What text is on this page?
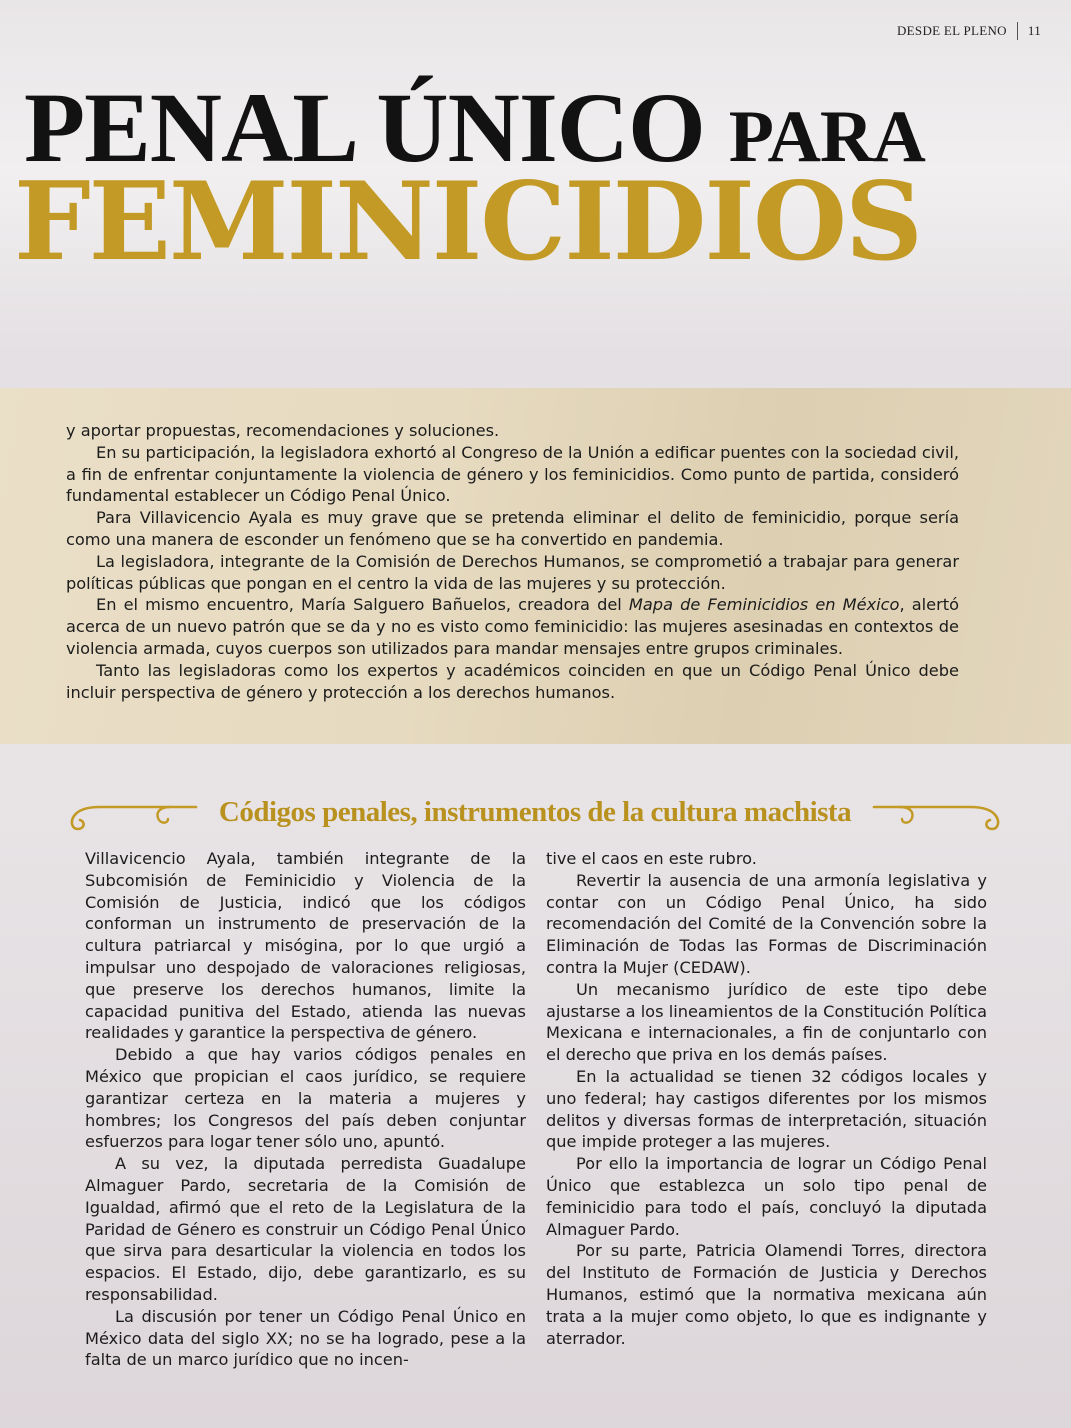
DESDE EL PLENO 11
PENAL ÚNICO PARA
FEMINICIDIOS

y aportar propuestas, recomendaciones y soluciones.

En su participación, la legisladora exhortó al Congreso de la Unión a edificar puentes con la sociedad civil, a fin de enfrentar conjuntamente la violencia de género y los feminicidios. Como punto de partida, consideró fundamental establecer un Código Penal Único.

Para Villavicencio Ayala es muy grave que se pretenda eliminar el delito de feminicidio, porque sería como una manera de esconder un fenómeno que se ha convertido en pandemia.

La legisladora, integrante de la Comisión de Derechos Humanos, se comprometió a trabajar para generar políticas públicas que pongan en el centro la vida de las mujeres y su protección.

En el mismo encuentro, María Salguero Bañuelos, creadora del Mapa de Feminicidios en México, alertó acerca de un nuevo patrón que se da y no es visto como feminicidio: las mujeres asesinadas en contextos de violencia armada, cuyos cuerpos son utilizados para mandar mensajes entre grupos criminales.

Tanto las legisladoras como los expertos y académicos coinciden en que un Código Penal Único debe incluir perspectiva de género y protección a los derechos humanos.

Códigos penales, instrumentos de la cultura machista

Villavicencio Ayala, también integrante de la Subcomisión de Feminicidio y Violencia de la Comisión de Justicia, indicó que los códigos conforman un instrumento de preservación de la cultura patriarcal y misógina, por lo que urgió a impulsar uno despojado de valoraciones religiosas, que preserve los derechos humanos, limite la capacidad punitiva del Estado, atienda las nuevas realidades y garantice la perspectiva de género.

Debido a que hay varios códigos penales en México que propician el caos jurídico, se requiere garantizar certeza en la materia a mujeres y hombres; los Congresos del país deben conjuntar esfuerzos para logar tener sólo uno, apuntó.

A su vez, la diputada perredista Guadalupe Almaguer Pardo, secretaria de la Comisión de Igualdad, afirmó que el reto de la Legislatura de la Paridad de Género es construir un Código Penal Único que sirva para desarticular la violencia en todos los espacios. El Estado, dijo, debe garantizarlo, es su responsabilidad.

La discusión por tener un Código Penal Único en México data del siglo XX; no se ha logrado, pese a la falta de un marco jurídico que no incen-

tive el caos en este rubro.

Revertir la ausencia de una armonía legislativa y contar con un Código Penal Único, ha sido recomendación del Comité de la Convención sobre la Eliminación de Todas las Formas de Discriminación contra la Mujer (CEDAW).

Un mecanismo jurídico de este tipo debe ajustarse a los lineamientos de la Constitución Política Mexicana e internacionales, a fin de conjuntarlo con el derecho que priva en los demás países.

En la actualidad se tienen 32 códigos locales y uno federal; hay castigos diferentes por los mismos delitos y diversas formas de interpretación, situación que impide proteger a las mujeres.

Por ello la importancia de lograr un Código Penal Único que establezca un solo tipo penal de feminicidio para todo el país, concluyó la diputada Almaguer Pardo.

Por su parte, Patricia Olamendi Torres, directora del Instituto de Formación de Justicia y Derechos Humanos, estimó que la normativa mexicana aún trata a la mujer como objeto, lo que es indignante y aterrador.
